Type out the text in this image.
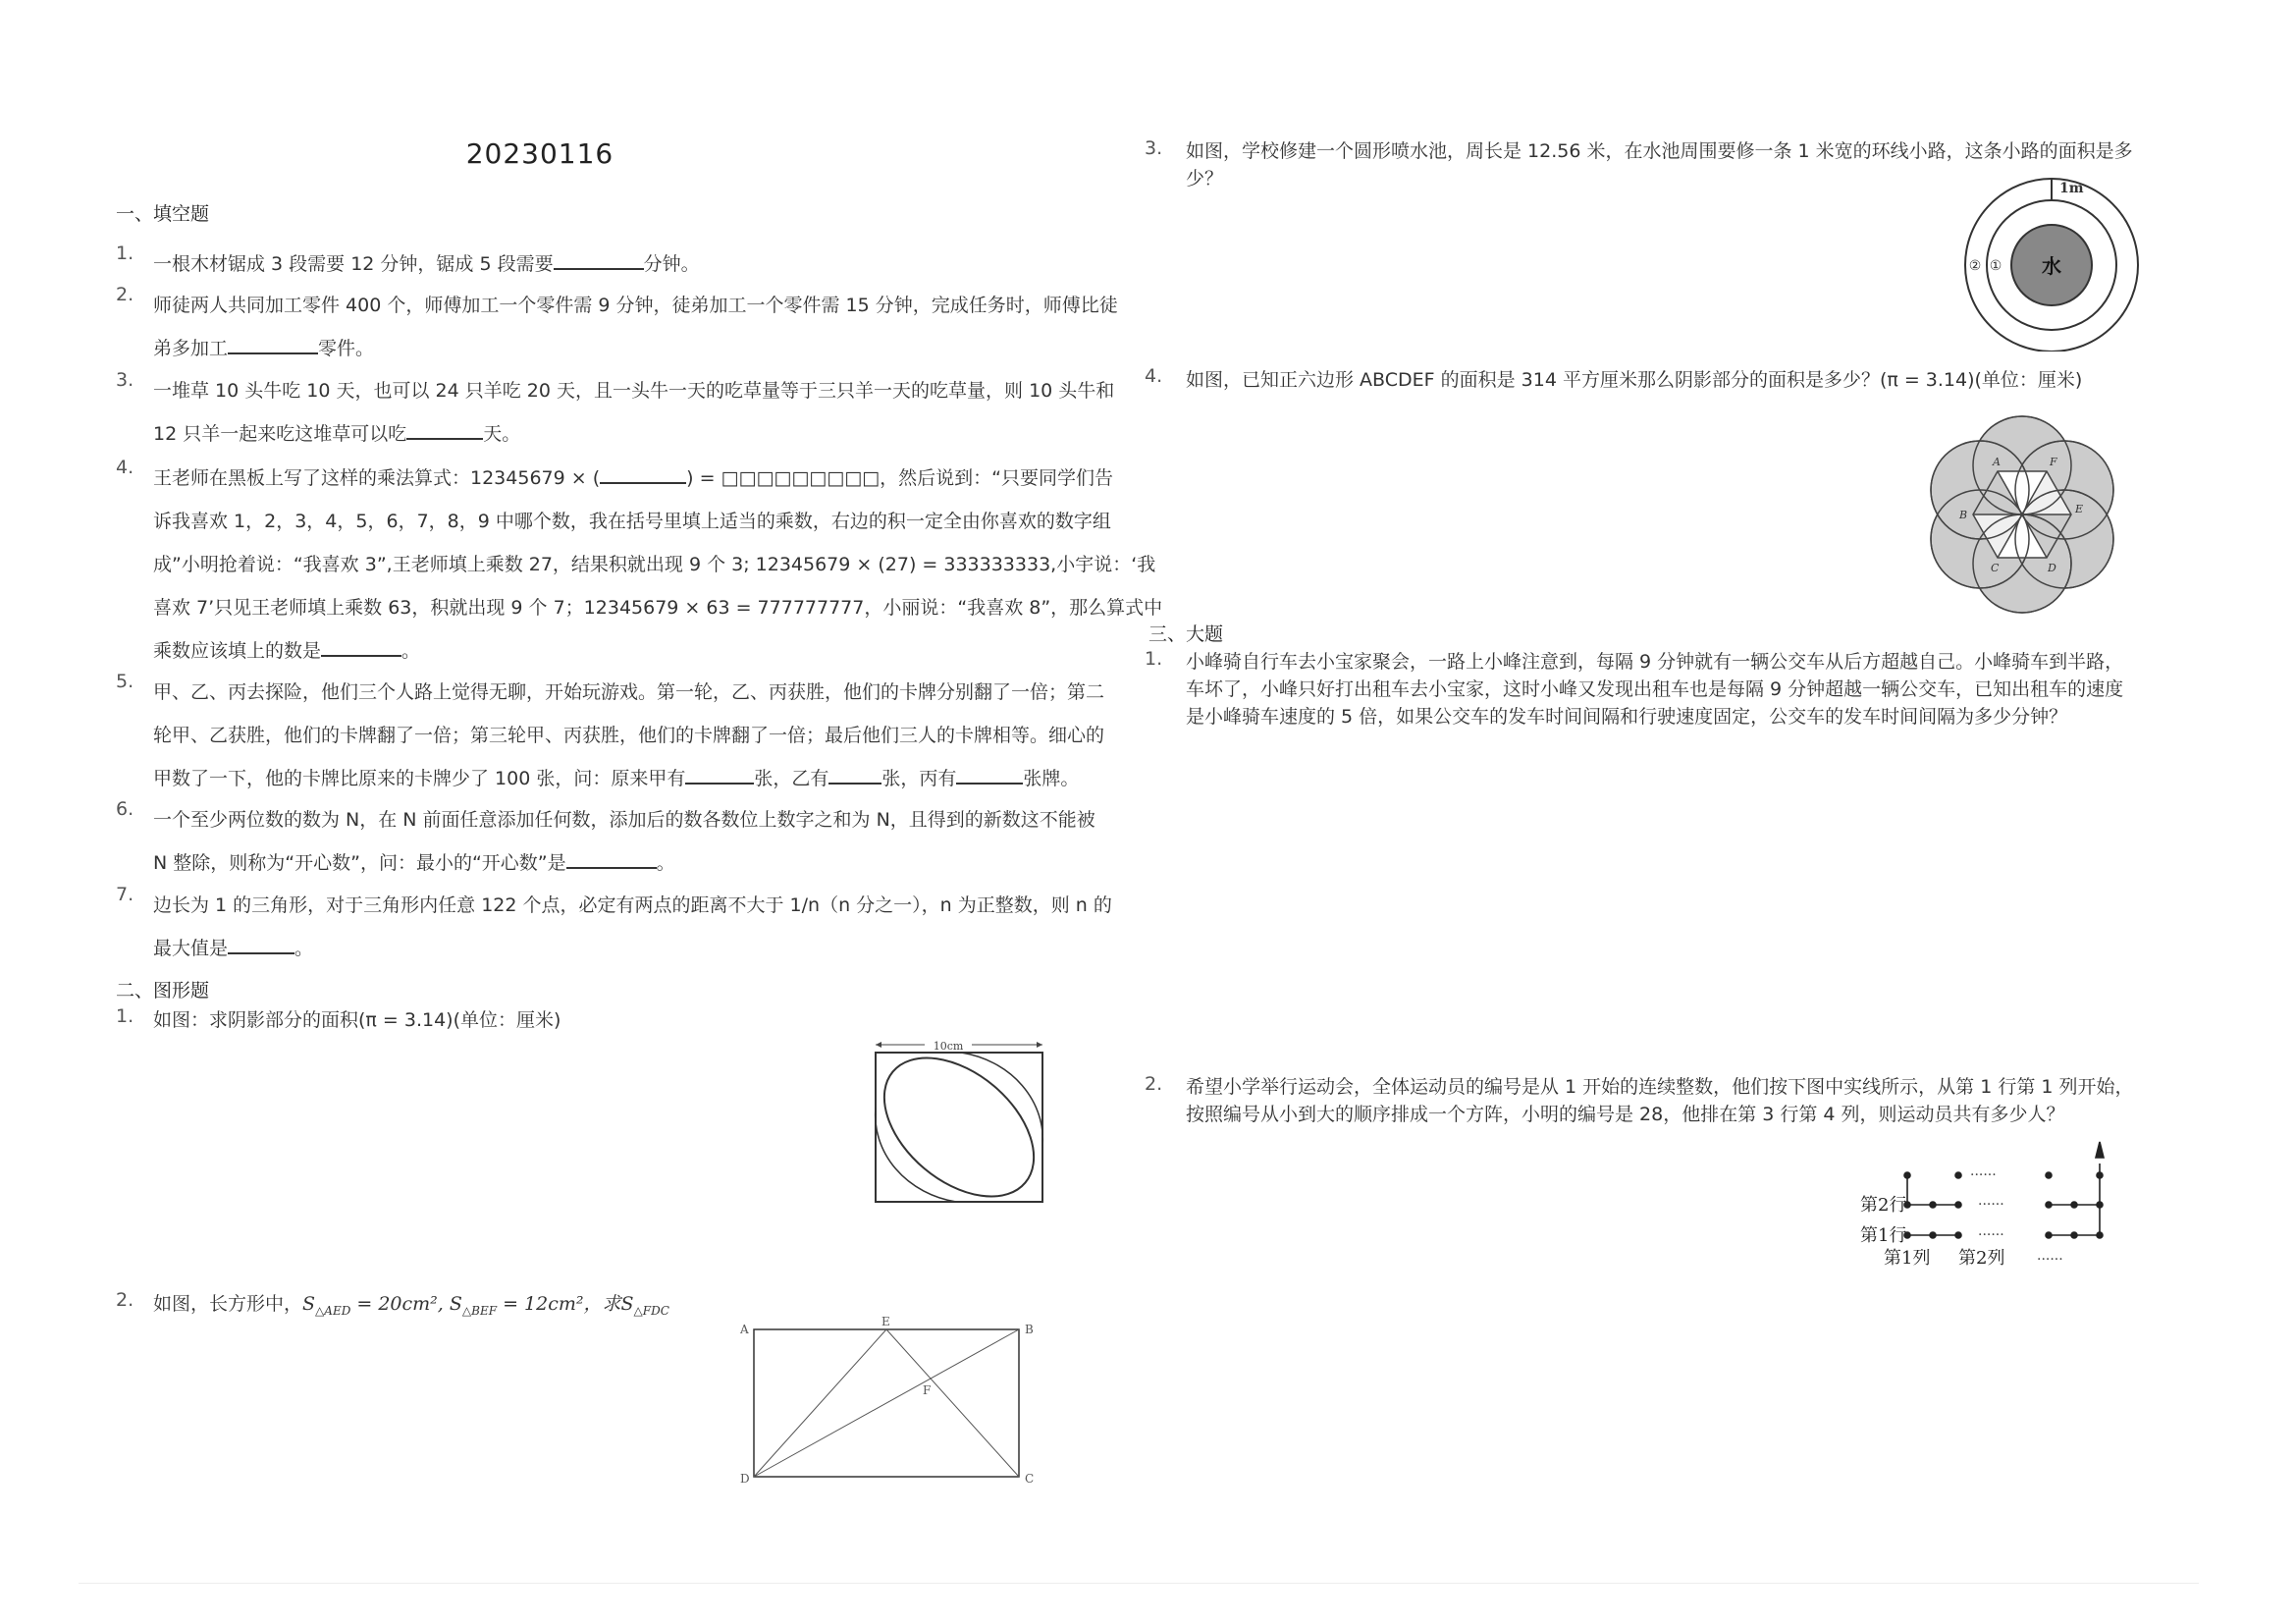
20230116
一、填空题
1.	一根木材锯成 3 段需要 12 分钟，锯成 5 段需要	分钟。
2.	师徒两人共同加工零件 400 个，师傅加工一个零件需 9 分钟，徒弟加工一个零件需 15 分钟，完成任务时，师傅比徒
弟多加工	零件。
3.	一堆草 10 头牛吃 10 天，也可以 24 只羊吃 20 天，且一头牛一天的吃草量等于三只羊一天的吃草量，则 10 头牛和
12 只羊一起来吃这堆草可以吃	天。
4.	王老师在黑板上写了这样的乘法算式：12345679 × (	) = □□□□□□□□□，然后说到：“只要同学们告
诉我喜欢 1，2，3，4，5，6，7，8，9 中哪个数，我在括号里填上适当的乘数，右边的积一定全由你喜欢的数字组
成”小明抢着说：“我喜欢 3”,王老师填上乘数 27，结果积就出现 9 个 3; 12345679 × (27) = 333333333,小宇说：‘我
喜欢 7’只见王老师填上乘数 63，积就出现 9 个 7；12345679 × 63 = 777777777，小丽说：“我喜欢 8”，那么算式中
乘数应该填上的数是	。
5.	甲、乙、丙去探险，他们三个人路上觉得无聊，开始玩游戏。第一轮，乙、丙获胜，他们的卡牌分别翻了一倍；第二
轮甲、乙获胜，他们的卡牌翻了一倍；第三轮甲、丙获胜，他们的卡牌翻了一倍；最后他们三人的卡牌相等。细心的
甲数了一下，他的卡牌比原来的卡牌少了 100 张，问：原来甲有	张，乙有	张，丙有	张牌。
6.	一个至少两位数的数为 N，在 N 前面任意添加任何数，添加后的数各数位上数字之和为 N，且得到的新数这不能被
N 整除，则称为“开心数”，问：最小的“开心数”是	。
7.	边长为 1 的三角形，对于三角形内任意 122 个点，必定有两点的距离不大于 1/n（n 分之一），n 为正整数，则 n 的
最大值是	。
二、图形题
1.	如图：求阴影部分的面积(π = 3.14)(单位：厘米)
10cm
2.	如图，长方形中，$S_{\triangle AED} = 20cm^2$, $S_{\triangle BEF} = 12cm^2$，求$S_{\triangle FDC}$
A	B
C
D
E
F
3.	如图，学校修建一个圆形喷水池，周长是 12.56 米，在水池周围要修一条 1 米宽的环线小路，这条小路的面积是多
少？	1m
水
①
②
4.	如图，已知正六边形 ABCDEF 的面积是 314 平方厘米那么阴影部分的面积是多少？(π = 3.14)(单位：厘米)
A
B
C	D
E
F
三、大题
1.	小峰骑自行车去小宝家聚会，一路上小峰注意到，每隔 9 分钟就有一辆公交车从后方超越自己。小峰骑车到半路，
车坏了，小峰只好打出租车去小宝家，这时小峰又发现出租车也是每隔 9 分钟超越一辆公交车，已知出租车的速度
是小峰骑车速度的 5 倍，如果公交车的发车时间间隔和行驶速度固定，公交车的发车时间间隔为多少分钟？
2.	希望小学举行运动会，全体运动员的编号是从 1 开始的连续整数，他们按下图中实线所示，从第 1 行第 1 列开始，
按照编号从小到大的顺序排成一个方阵，小明的编号是 28，他排在第 3 行第 4 列，则运动员共有多少人？
第2行
第1行
第1列 第2列
······
······
······
······
